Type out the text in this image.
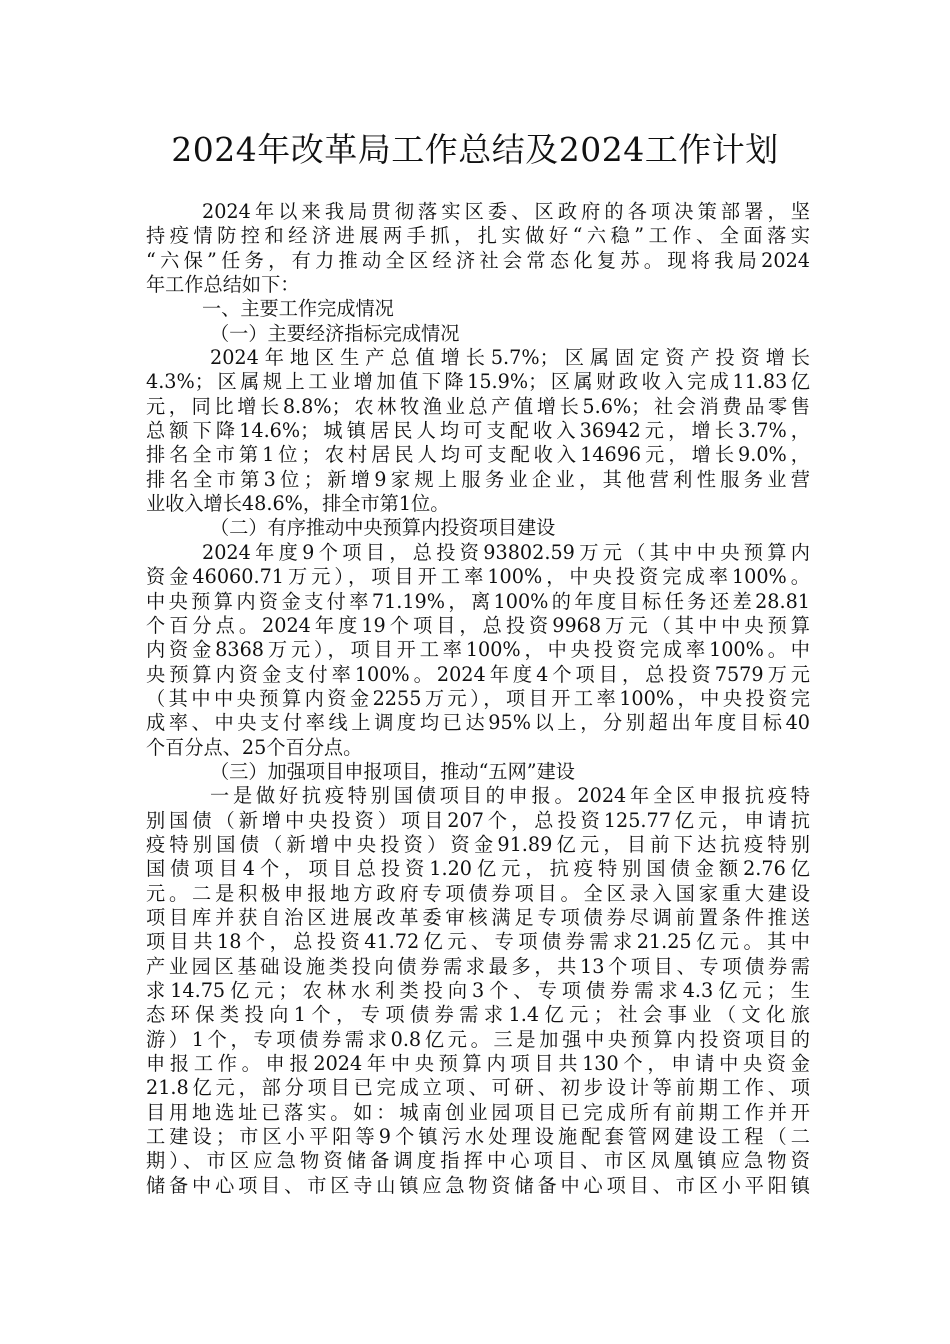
2024年改革局工作总结及2024工作计划
2024年以来我局贯彻落实区委、区政府的各项决策部署，坚
持疫情防控和经济进展两手抓，扎实做好“六稳”工作、全面落实
“六保”任务，有力推动全区经济社会常态化复苏。现将我局2024
年工作总结如下：
一、主要工作完成情况
（一）主要经济指标完成情况
2024年地区生产总值增长5.7%；区属固定资产投资增长
4.3%；区属规上工业增加值下降15.9%；区属财政收入完成11.83亿
元，同比增长8.8%；农林牧渔业总产值增长5.6%；社会消费品零售
总额下降14.6%；城镇居民人均可支配收入36942元，增长3.7%，
排名全市第1位；农村居民人均可支配收入14696元，增长9.0%，
排名全市第3位；新增9家规上服务业企业，其他营利性服务业营
业收入增长48.6%，排全市第1位。
（二）有序推动中央预算内投资项目建设
2024年度9个项目，总投资93802.59万元（其中中央预算内
资金46060.71万元），项目开工率100%，中央投资完成率100%。
中央预算内资金支付率71.19%，离100%的年度目标任务还差28.81
个百分点。2024年度19个项目，总投资9968万元（其中中央预算
内资金8368万元），项目开工率100%，中央投资完成率100%。中
央预算内资金支付率100%。2024年度4个项目，总投资7579万元
（其中中央预算内资金2255万元），项目开工率100%，中央投资完
成率、中央支付率线上调度均已达95%以上，分别超出年度目标40
个百分点、25个百分点。
（三）加强项目申报项目，推动“五网”建设
一是做好抗疫特别国债项目的申报。2024年全区申报抗疫特
别国债（新增中央投资）项目207个，总投资125.77亿元，申请抗
疫特别国债（新增中央投资）资金91.89亿元，目前下达抗疫特别
国债项目4个，项目总投资1.20亿元，抗疫特别国债金额2.76亿
元。二是积极申报地方政府专项债券项目。全区录入国家重大建设
项目库并获自治区进展改革委审核满足专项债券尽调前置条件推送
项目共18个，总投资41.72亿元、专项债券需求21.25亿元。其中
产业园区基础设施类投向债券需求最多，共13个项目、专项债券需
求14.75亿元；农林水利类投向3个、专项债券需求4.3亿元；生
态环保类投向1个，专项债券需求1.4亿元；社会事业（文化旅
游）1个，专项债券需求0.8亿元。三是加强中央预算内投资项目的
申报工作。申报2024年中央预算内项目共130个，申请中央资金
21.8亿元，部分项目已完成立项、可研、初步设计等前期工作、项
目用地选址已落实。如：城南创业园项目已完成所有前期工作并开
工建设；市区小平阳等9个镇污水处理设施配套管网建设工程（二
期）、市区应急物资储备调度指挥中心项目、市区凤凰镇应急物资
储备中心项目、市区寺山镇应急物资储备中心项目、市区小平阳镇
